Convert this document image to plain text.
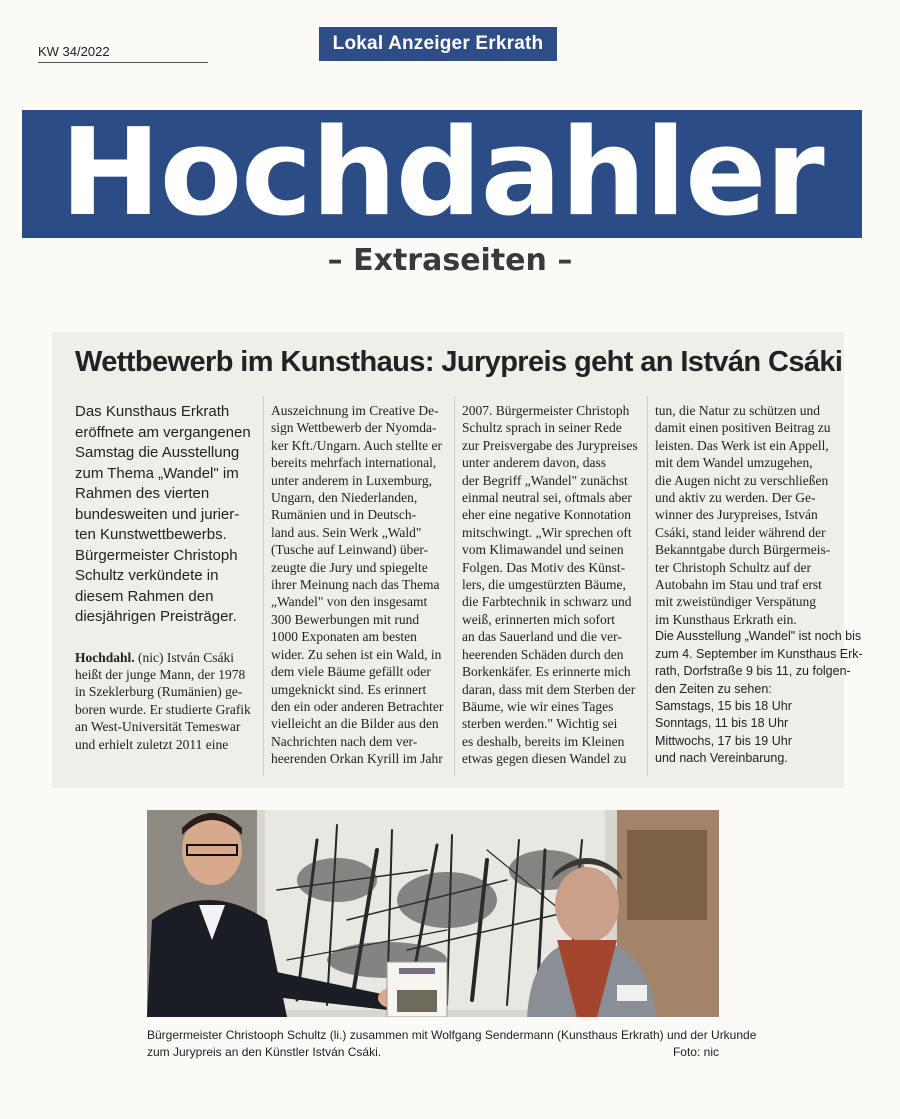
KW 34/2022	Lokal Anzeiger Erkrath
Hochdahler
– Extraseiten –
Wettbewerb im Kunsthaus: Jurypreis geht an István Csáki

Das Kunsthaus Erkrath

eröffnete am vergangenen

Samstag die Ausstellung

zum Thema „Wandel" im

Rahmen des vierten

bundesweiten und jurier-

ten Kunstwettbewerbs.

Bürgermeister Christoph

Schultz verkündete in

diesem Rahmen den

diesjährigen Preisträger.

Hochdahl. (nic) István Csáki

heißt der junge Mann, der 1978

in Szeklerburg (Rumänien) ge-

boren wurde. Er studierte Grafik

an West-Universität Temeswar

und erhielt zuletzt 2011 eine

Auszeichnung im Creative De-

sign Wettbewerb der Nyomda-

ker Kft./Ungarn. Auch stellte er

bereits mehrfach international,

unter anderem in Luxemburg,

Ungarn, den Niederlanden,

Rumänien und in Deutsch-

land aus. Sein Werk „Wald"

(Tusche auf Leinwand) über-

zeugte die Jury und spiegelte

ihrer Meinung nach das Thema

„Wandel" von den insgesamt

300 Bewerbungen mit rund

1000 Exponaten am besten

wider. Zu sehen ist ein Wald, in

dem viele Bäume gefällt oder

umgeknickt sind. Es erinnert

den ein oder anderen Betrachter

vielleicht an die Bilder aus den

Nachrichten nach dem ver-

heerenden Orkan Kyrill im Jahr

2007. Bürgermeister Christoph

Schultz sprach in seiner Rede

zur Preisvergabe des Jurypreises

unter anderem davon, dass

der Begriff „Wandel" zunächst

einmal neutral sei, oftmals aber

eher eine negative Konnotation

mitschwingt. „Wir sprechen oft

vom Klimawandel und seinen

Folgen. Das Motiv des Künst-

lers, die umgestürzten Bäume,

die Farbtechnik in schwarz und

weiß, erinnerten mich sofort

an das Sauerland und die ver-

heerenden Schäden durch den

Borkenkäfer. Es erinnerte mich

daran, dass mit dem Sterben der

Bäume, wie wir eines Tages

sterben werden." Wichtig sei

es deshalb, bereits im Kleinen

etwas gegen diesen Wandel zu

tun, die Natur zu schützen und

damit einen positiven Beitrag zu

leisten. Das Werk ist ein Appell,

mit dem Wandel umzugehen,

die Augen nicht zu verschließen

und aktiv zu werden. Der Ge-

winner des Jurypreises, István

Csáki, stand leider während der

Bekanntgabe durch Bürgermeis-

ter Christoph Schultz auf der

Autobahn im Stau und traf erst

mit zweistündiger Verspätung

im Kunsthaus Erkrath ein.

Die Ausstellung „Wandel" ist noch bis

zum 4. September im Kunsthaus Erk-

rath, Dorfstraße 9 bis 11, zu folgen-

den Zeiten zu sehen:

Samstags, 15 bis 18 Uhr

Sonntags, 11 bis 18 Uhr

Mittwochs, 17 bis 19 Uhr

und nach Vereinbarung.

Bürgermeister Christooph Schultz (li.) zusammen mit Wolfgang Sendermann (Kunsthaus Erkrath) und der Urkunde

zum Jurypreis an den Künstler István Csáki.	Foto: nic
